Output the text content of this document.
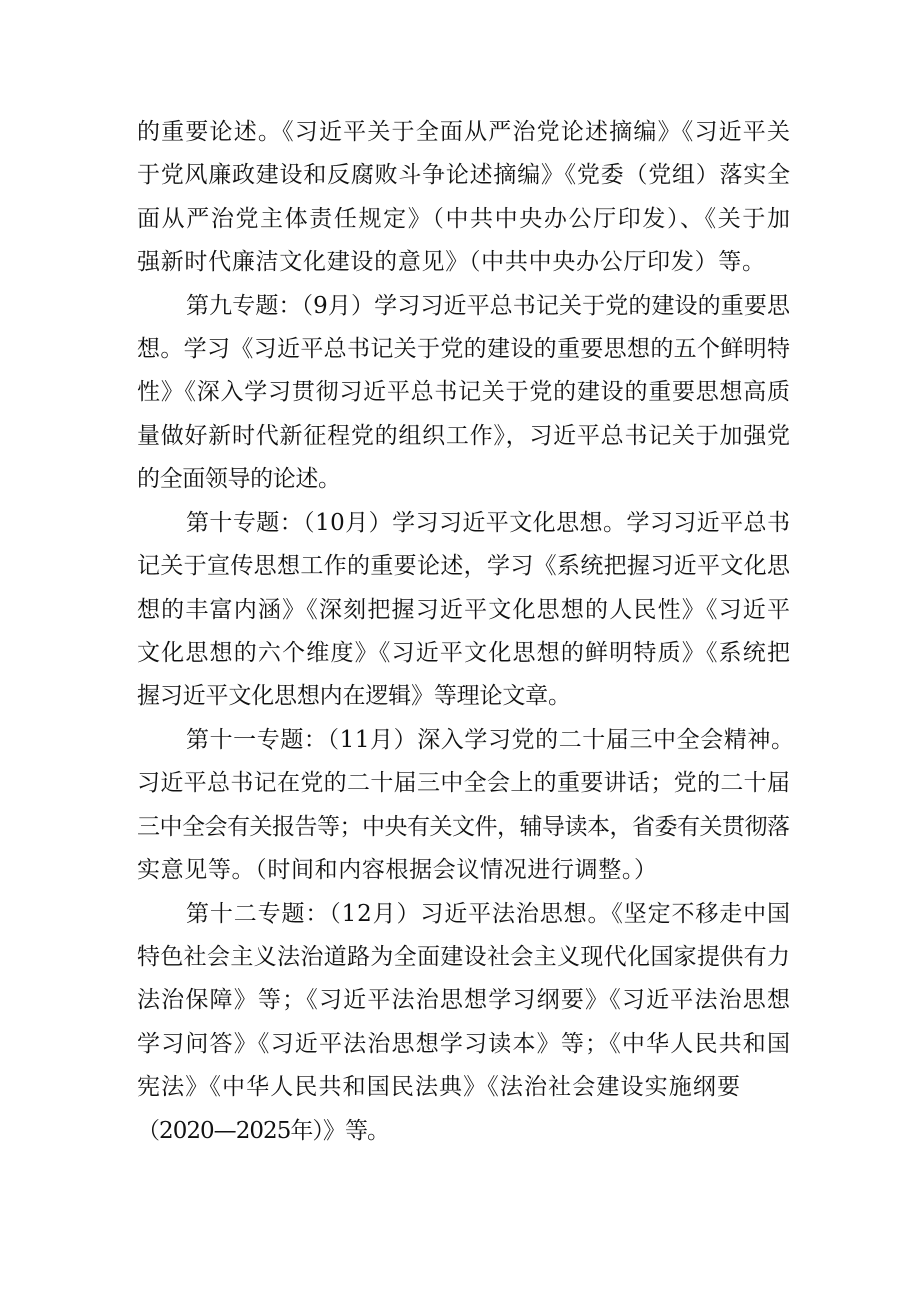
的重要论述。《习近平关于全面从严治党论述摘编》《习近平关

于党风廉政建设和反腐败斗争论述摘编》《党委（党组）落实全

面从严治党主体责任规定》（中共中央办公厅印发）、《关于加

强新时代廉洁文化建设的意见》（中共中央办公厅印发）等。

第九专题：（9月）学习习近平总书记关于党的建设的重要思

想。学习《习近平总书记关于党的建设的重要思想的五个鲜明特

性》《深入学习贯彻习近平总书记关于党的建设的重要思想高质

量做好新时代新征程党的组织工作》，习近平总书记关于加强党

的全面领导的论述。

第十专题：（10月）学习习近平文化思想。学习习近平总书

记关于宣传思想工作的重要论述，学习《系统把握习近平文化思

想的丰富内涵》《深刻把握习近平文化思想的人民性》《习近平

文化思想的六个维度》《习近平文化思想的鲜明特质》《系统把

握习近平文化思想内在逻辑》等理论文章。

第十一专题：（11月）深入学习党的二十届三中全会精神。

习近平总书记在党的二十届三中全会上的重要讲话；党的二十届

三中全会有关报告等；中央有关文件，辅导读本，省委有关贯彻落

实意见等。（时间和内容根据会议情况进行调整。）

第十二专题：（12月）习近平法治思想。《坚定不移走中国

特色社会主义法治道路为全面建设社会主义现代化国家提供有力

法治保障》等；《习近平法治思想学习纲要》《习近平法治思想

学习问答》《习近平法治思想学习读本》等；《中华人民共和国

宪法》《中华人民共和国民法典》《法治社会建设实施纲要

（2020—2025年）》等。
